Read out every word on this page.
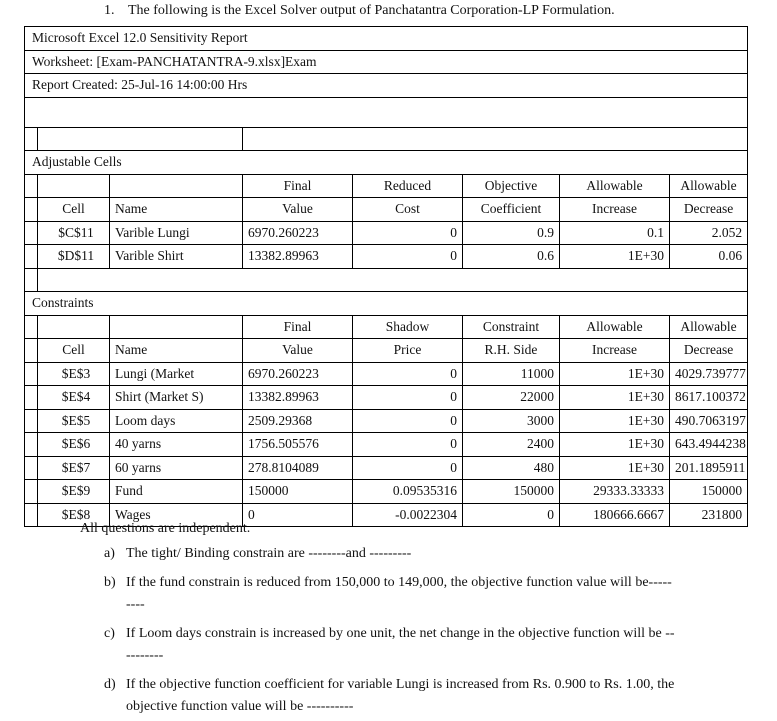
1. The following is the Excel Solver output of Panchatantra Corporation-LP Formulation.
Microsoft Excel 12.0 Sensitivity Report							
Worksheet: [Exam-PANCHATANTRA-9.xlsx]Exam							
Report Created: 25-Jul-16 14:00:00 Hrs							

Adjustable Cells							
			Final	Reduced	Objective	Allowable	Allowable
	Cell	Name	Value	Cost	Coefficient	Increase	Decrease
	$C$11	Varible Lungi	6970.260223	0	0.9	0.1	2.052
	$D$11	Varible Shirt	13382.89963	0	0.6	1E+30	0.06

Constraints							
			Final	Shadow	Constraint	Allowable	Allowable
	Cell	Name	Value	Price	R.H. Side	Increase	Decrease
	$E$3	Lungi (Market	6970.260223	0	11000	1E+30	4029.739777
	$E$4	Shirt (Market S)	13382.89963	0	22000	1E+30	8617.100372
	$E$5	Loom days	2509.29368	0	3000	1E+30	490.7063197
	$E$6	40 yarns	1756.505576	0	2400	1E+30	643.4944238
	$E$7	60 yarns	278.8104089	0	480	1E+30	201.1895911
	$E$9	Fund	150000	0.09535316	150000	29333.33333	150000
	$E$8	Wages	0	-0.0022304	0	180666.6667	231800
All questions are independent.
a) The tight/ Binding constrain are --------and ---------
b) If the fund constrain is reduced from 150,000 to 149,000, the objective function value will be-----
----
c) If Loom days constrain is increased by one unit, the net change in the objective function will be --
--------
d) If the objective function coefficient for variable Lungi is increased from Rs. 0.900 to Rs. 1.00, the
objective function value will be ----------
